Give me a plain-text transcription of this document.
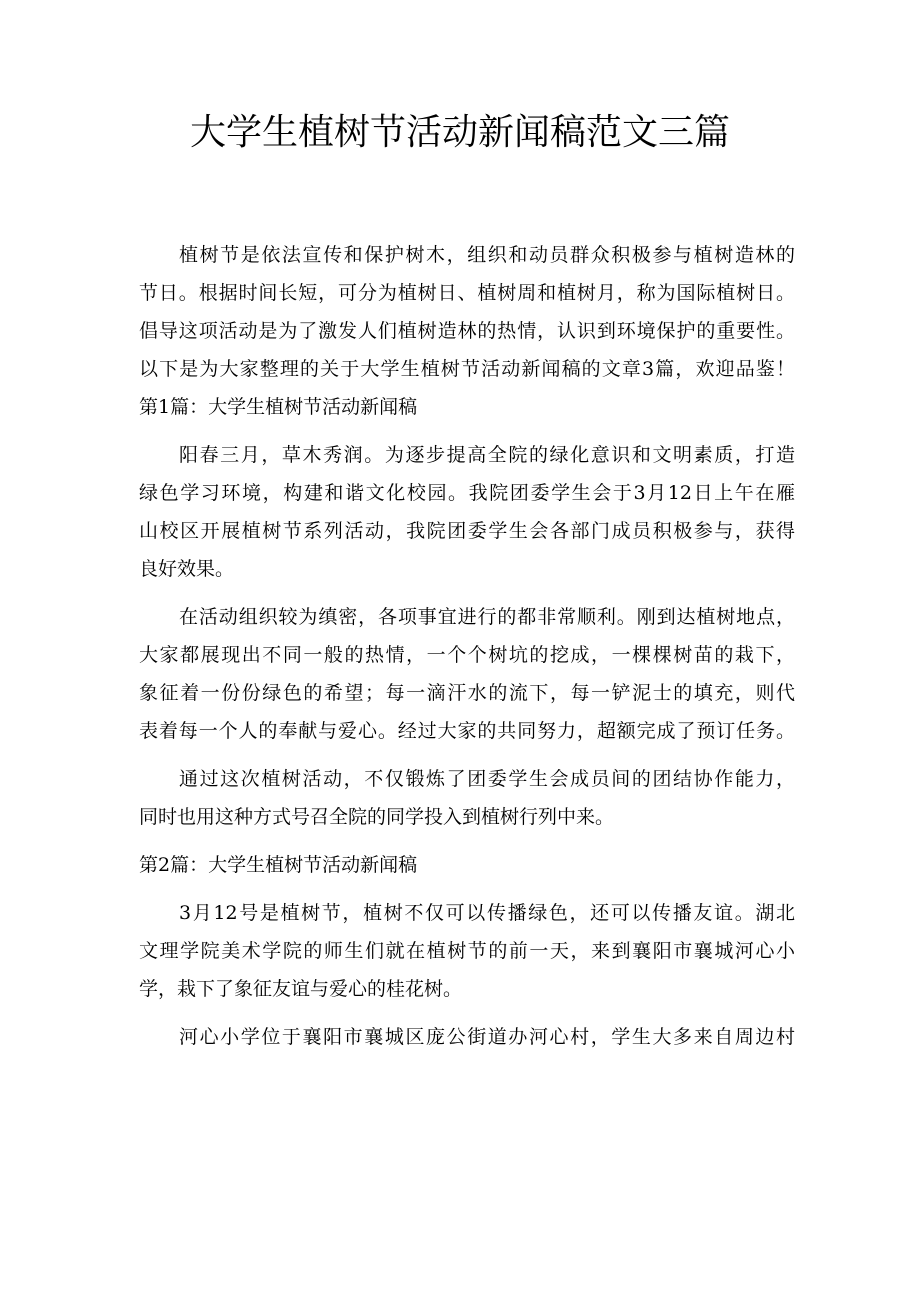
大学生植树节活动新闻稿范文三篇
植树节是依法宣传和保护树木，组织和动员群众积极参与植树造林的
节日。根据时间长短，可分为植树日、植树周和植树月，称为国际植树日。
倡导这项活动是为了激发人们植树造林的热情，认识到环境保护的重要性。
以下是为大家整理的关于大学生植树节活动新闻稿的文章3篇，欢迎品鉴！
第1篇：大学生植树节活动新闻稿
阳春三月，草木秀润。为逐步提高全院的绿化意识和文明素质，打造
绿色学习环境，构建和谐文化校园。我院团委学生会于3月12日上午在雁
山校区开展植树节系列活动，我院团委学生会各部门成员积极参与，获得
良好效果。
在活动组织较为缜密，各项事宜进行的都非常顺利。刚到达植树地点，
大家都展现出不同一般的热情，一个个树坑的挖成，一棵棵树苗的栽下，
象征着一份份绿色的希望；每一滴汗水的流下，每一铲泥士的填充，则代
表着每一个人的奉献与爱心。经过大家的共同努力，超额完成了预订任务。
通过这次植树活动，不仅锻炼了团委学生会成员间的团结协作能力，
同时也用这种方式号召全院的同学投入到植树行列中来。
第2篇：大学生植树节活动新闻稿
3月12号是植树节，植树不仅可以传播绿色，还可以传播友谊。湖北
文理学院美术学院的师生们就在植树节的前一天，来到襄阳市襄城河心小
学，栽下了象征友谊与爱心的桂花树。
河心小学位于襄阳市襄城区庞公街道办河心村，学生大多来自周边村
